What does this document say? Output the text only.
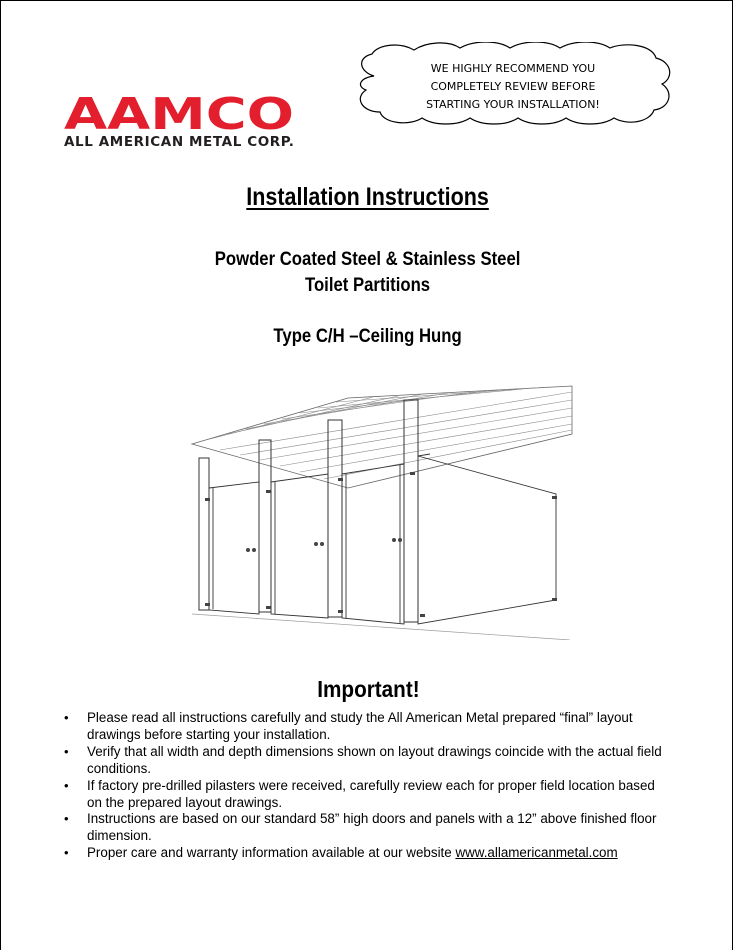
AAMCO
ALL AMERICAN METAL CORP.
WE HIGHLY RECOMMEND YOU
COMPLETELY REVIEW BEFORE
STARTING YOUR INSTALLATION!
Installation Instructions
Powder Coated Steel & Stainless Steel
Toilet Partitions
Type C/H –Ceiling Hung
Important!
• Please read all instructions carefully and study the All American Metal prepared “final” layout drawings before starting your installation.
• Verify that all width and depth dimensions shown on layout drawings coincide with the actual field conditions.
• If factory pre-drilled pilasters were received, carefully review each for proper field location based on the prepared layout drawings.
• Instructions are based on our standard 58” high doors and panels with a 12” above finished floor dimension.
• Proper care and warranty information available at our website www.allamericanmetal.com
